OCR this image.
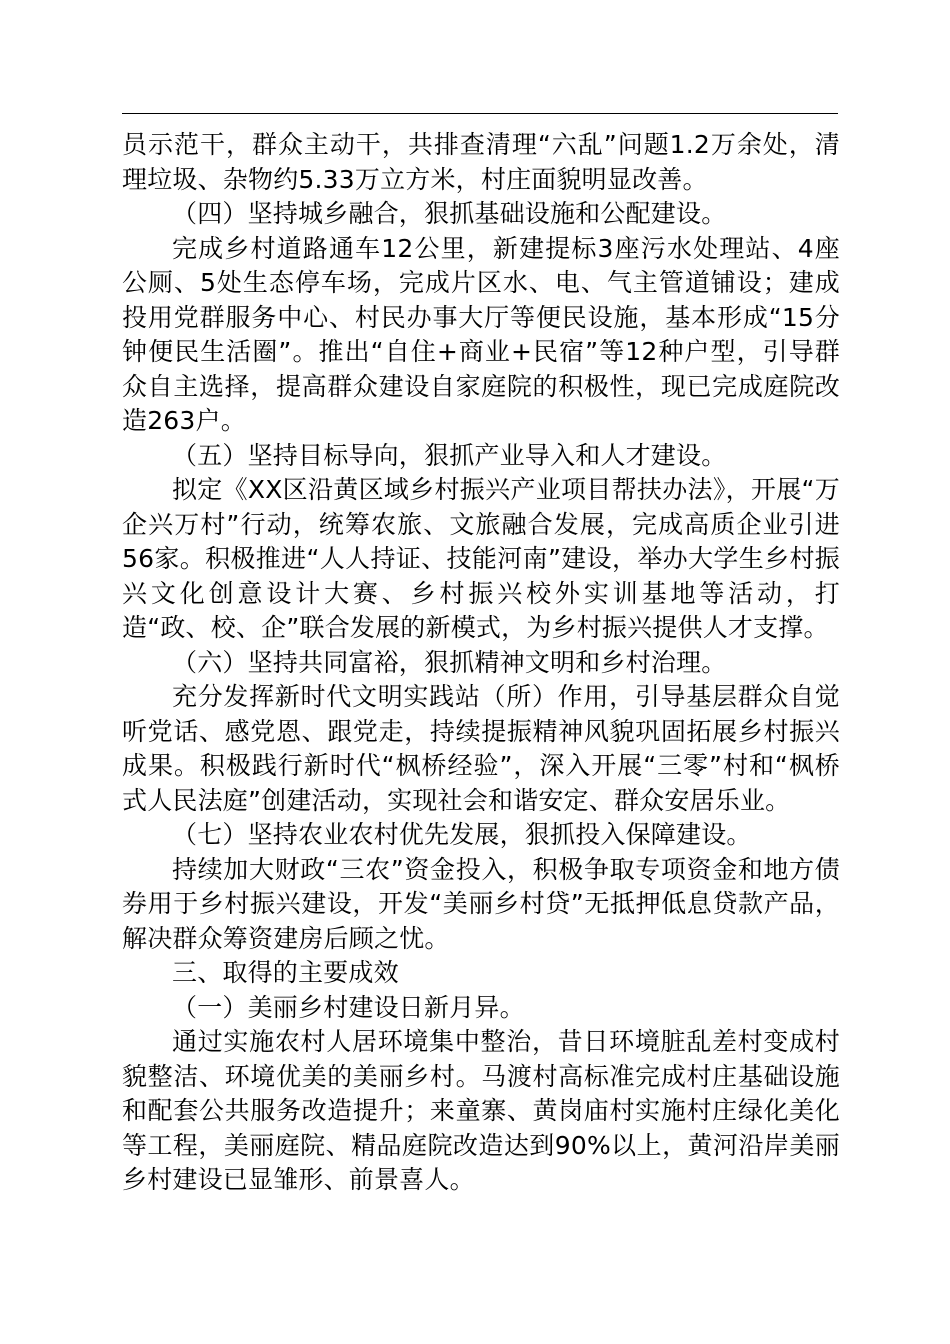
员示范干，群众主动干，共排查清理“六乱”问题1.2万余处，清理垃圾、杂物约5.33万立方米，村庄面貌明显改善。

（四）坚持城乡融合，狠抓基础设施和公配建设。

完成乡村道路通车12公里，新建提标3座污水处理站、4座公厕、5处生态停车场，完成片区水、电、气主管道铺设；建成投用党群服务中心、村民办事大厅等便民设施，基本形成“15分钟便民生活圈”。推出“自住+商业+民宿”等12种户型，引导群众自主选择，提高群众建设自家庭院的积极性，现已完成庭院改造263户。

（五）坚持目标导向，狠抓产业导入和人才建设。

拟定《XX区沿黄区域乡村振兴产业项目帮扶办法》，开展“万企兴万村”行动，统筹农旅、文旅融合发展，完成高质企业引进56家。积极推进“人人持证、技能河南”建设，举办大学生乡村振兴文化创意设计大赛、乡村振兴校外实训基地等活动，打造“政、校、企”联合发展的新模式，为乡村振兴提供人才支撑。

（六）坚持共同富裕，狠抓精神文明和乡村治理。

充分发挥新时代文明实践站（所）作用，引导基层群众自觉听党话、感党恩、跟党走，持续提振精神风貌巩固拓展乡村振兴成果。积极践行新时代“枫桥经验”，深入开展“三零”村和“枫桥式人民法庭”创建活动，实现社会和谐安定、群众安居乐业。

（七）坚持农业农村优先发展，狠抓投入保障建设。

持续加大财政“三农”资金投入，积极争取专项资金和地方债券用于乡村振兴建设，开发“美丽乡村贷”无抵押低息贷款产品，解决群众筹资建房后顾之忧。

三、取得的主要成效

（一）美丽乡村建设日新月异。

通过实施农村人居环境集中整治，昔日环境脏乱差村变成村貌整洁、环境优美的美丽乡村。马渡村高标准完成村庄基础设施和配套公共服务改造提升；来童寨、黄岗庙村实施村庄绿化美化等工程，美丽庭院、精品庭院改造达到90%以上，黄河沿岸美丽乡村建设已显雏形、前景喜人。
